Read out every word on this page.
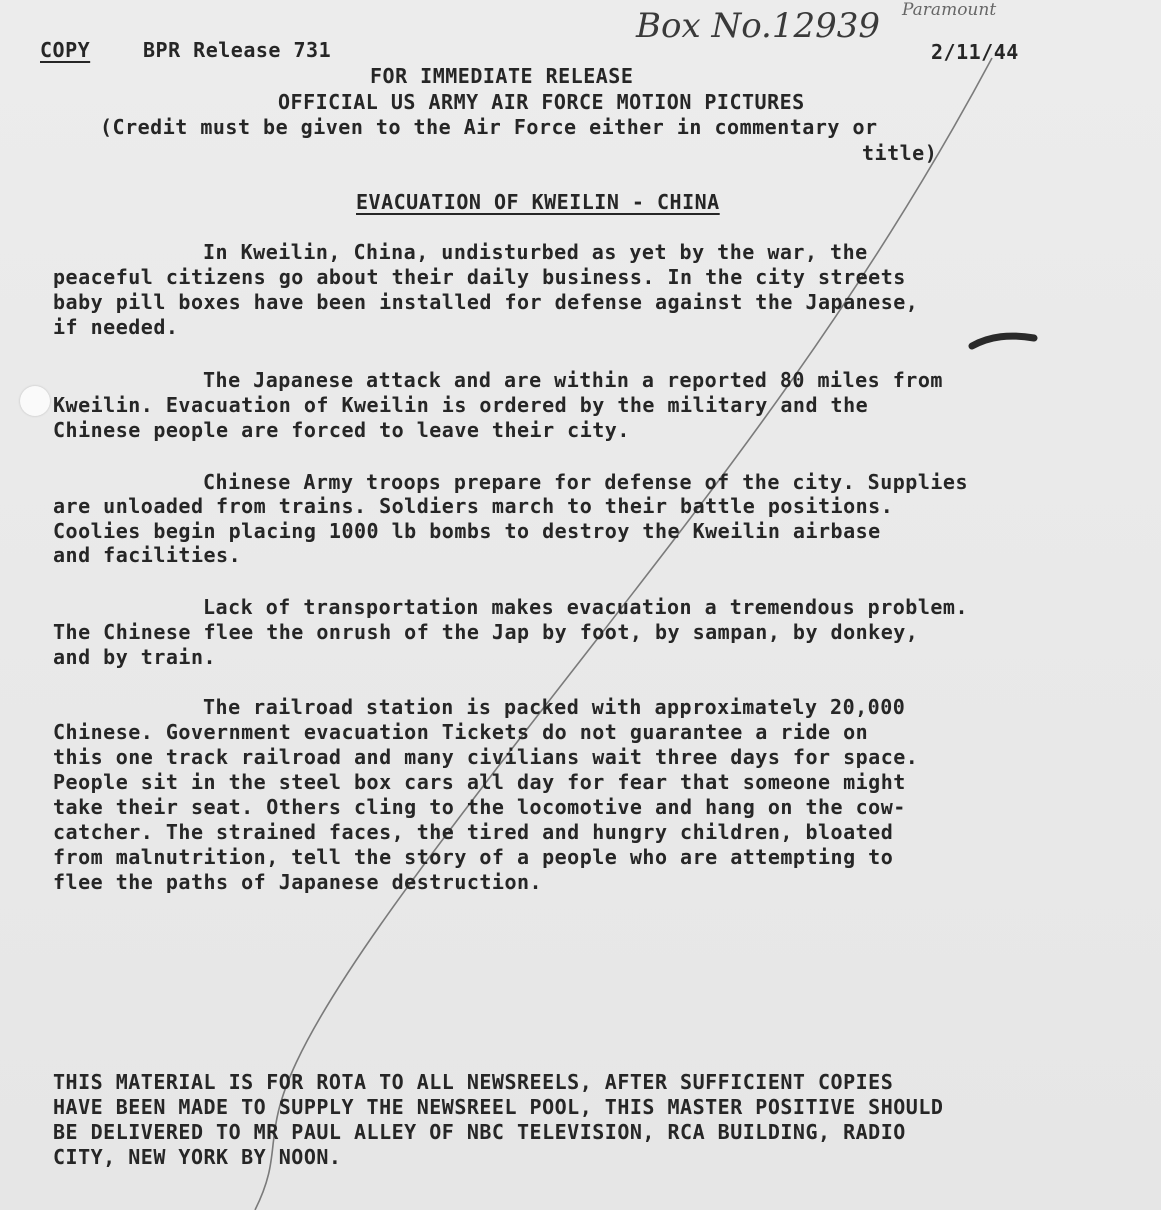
COPY	BPR Release 731	2/11/44
Box No.12939 Paramount
FOR IMMEDIATE RELEASE
OFFICIAL US ARMY AIR FORCE MOTION PICTURES
(Credit must be given to the Air Force either in commentary or
title)
EVACUATION OF KWEILIN - CHINA
In Kweilin, China, undisturbed as yet by the war, the
peaceful citizens go about their daily business. In the city streets
baby pill boxes have been installed for defense against the Japanese,
if needed.
The Japanese attack and are within a reported 80 miles from
Kweilin. Evacuation of Kweilin is ordered by the military and the
Chinese people are forced to leave their city.
Chinese Army troops prepare for defense of the city. Supplies
are unloaded from trains. Soldiers march to their battle positions.
Coolies begin placing 1000 lb bombs to destroy the Kweilin airbase
and facilities.
Lack of transportation makes evacuation a tremendous problem.
The Chinese flee the onrush of the Jap by foot, by sampan, by donkey,
and by train.
The railroad station is packed with approximately 20,000
Chinese. Government evacuation Tickets do not guarantee a ride on
this one track railroad and many civilians wait three days for space.
People sit in the steel box cars all day for fear that someone might
take their seat. Others cling to the locomotive and hang on the cow-
catcher. The strained faces, the tired and hungry children, bloated
from malnutrition, tell the story of a people who are attempting to
flee the paths of Japanese destruction.
THIS MATERIAL IS FOR ROTA TO ALL NEWSREELS, AFTER SUFFICIENT COPIES
HAVE BEEN MADE TO SUPPLY THE NEWSREEL POOL, THIS MASTER POSITIVE SHOULD
BE DELIVERED TO MR PAUL ALLEY OF NBC TELEVISION, RCA BUILDING, RADIO
CITY, NEW YORK BY NOON.
